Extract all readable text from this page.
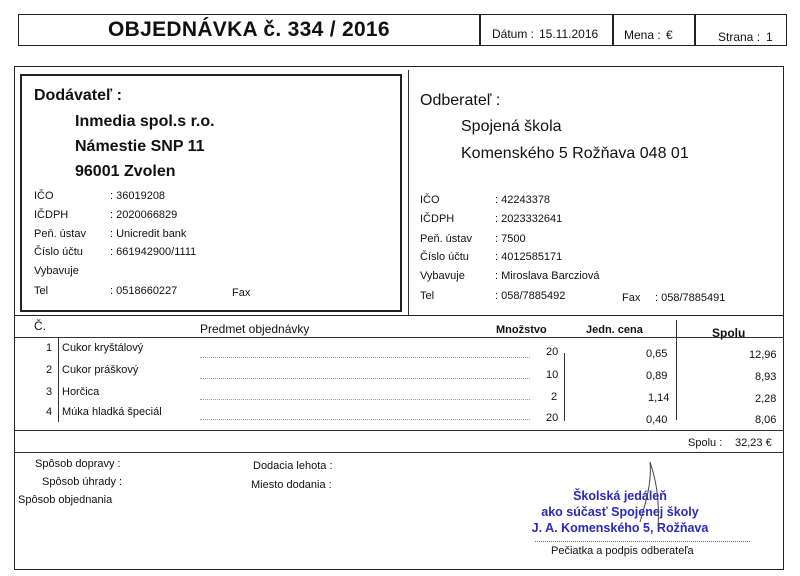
OBJEDNÁVKA č. 334 / 2016	Dátum : 15.11.2016 Mena : €	Strana : 1
Dodávateľ :
Inmedia spol.s r.o.
Námestie SNP 11
96001 Zvolen
IČO	: 36019208
IČDPH	: 2020066829
Peň. ústav : Unicredit bank
Číslo účtu : 661942900/1111
Vybavuje
Tel	: 0518660227	Fax
Odberateľ :
Spojená škola
Komenského 5 Rožňava 048 01
IČO	: 42243378
IČDPH	: 2023332641
Peň. ústav : 7500
Číslo účtu : 4012585171
Vybavuje	: Miroslava Barcziová
Tel	: 058/7885492	Fax : 058/7885491
Č.	Predmet objednávky	Množstvo	Jedn. cena	Spolu
1 Cukor kryštálový	20	0,65	12,96
2 Cukor práškový	10	0,89	8,93
3 Horčica	2	1,14	2,28
4 Múka hladká špeciál	20	0,40	8,06
Spolu : 32,23 €
Spôsob dopravy :
Spôsob úhrady :
Spôsob objednania
Dodacia lehota :
Miesto dodania :
Školská jedáleň
ako súčasť Spojenej školy
J. A. Komenského 5, Rožňava
Pečiatka a podpis odberateľa
